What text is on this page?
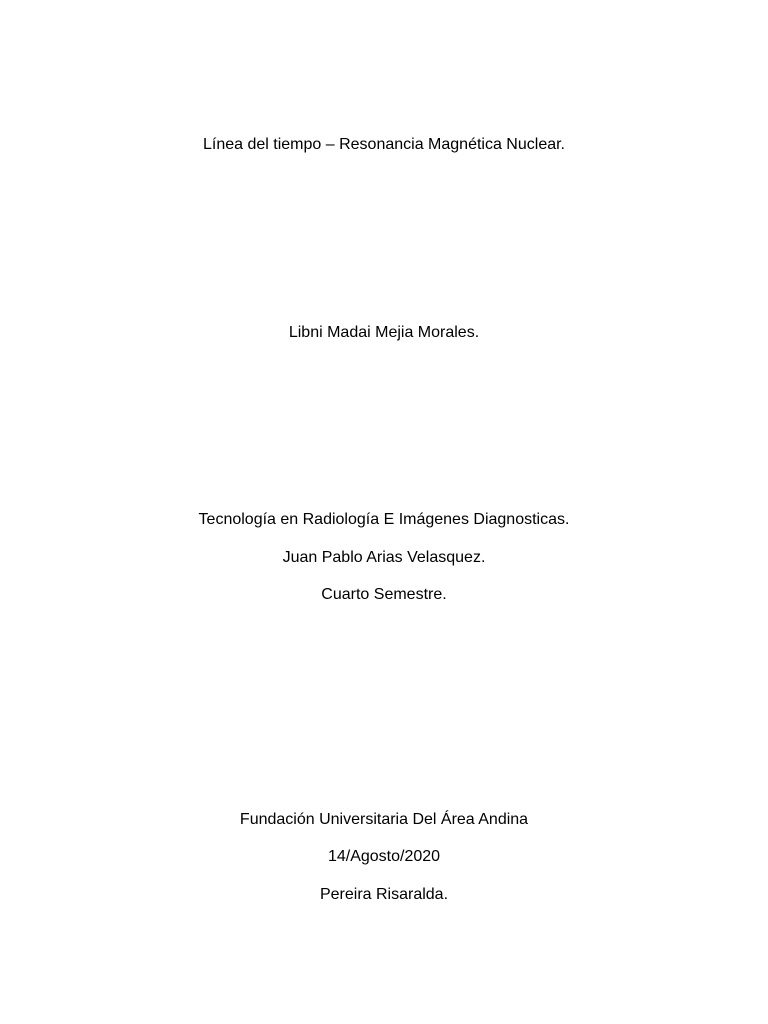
Línea del tiempo – Resonancia Magnética Nuclear.
Libni Madai Mejia Morales.
Tecnología en Radiología E Imágenes Diagnosticas.
Juan Pablo Arias Velasquez.
Cuarto Semestre.
Fundación Universitaria Del Área Andina
14/Agosto/2020
Pereira Risaralda.
